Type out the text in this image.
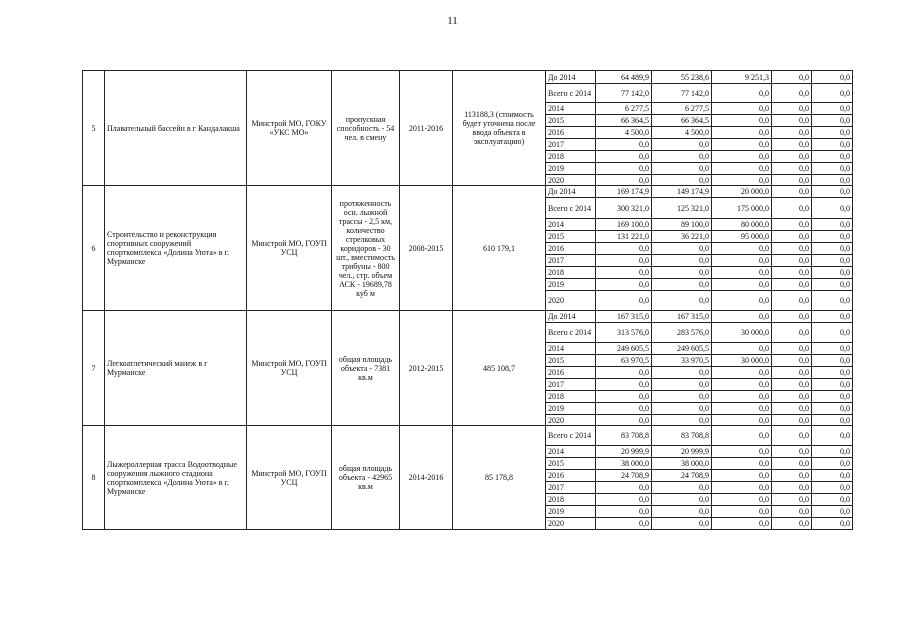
11
5	Плавательный бассейн в г Кандалакша	Минстрой МО, ГОКУ «УКС МО»	пропускная способность - 54 чел. в смену	2011-2016	113188,3 (стоимость будет уточнена после ввода объекта в эксплуатацию)	До 2014	64 489,9	55 238,6	9 251,3	0,0	0,0
						Всего с 2014	77 142,0	77 142,0	0,0	0,0	0,0
						2014	6 277,5	6 277,5	0,0	0,0	0,0
						2015	66 364,5	66 364,5	0,0	0,0	0,0
						2016	4 500,0	4 500,0	0,0	0,0	0,0
						2017	0,0	0,0	0,0	0,0	0,0
						2018	0,0	0,0	0,0	0,0	0,0
						2019	0,0	0,0	0,0	0,0	0,0
						2020	0,0	0,0	0,0	0,0	0,0
6	Строительство и реконструкция спортивных сооружений спорткомплекса «Долина Уюта» в г. Мурманске	Минстрой МО, ГОУП УСЦ	протяженность осн. лыжной трассы - 2,5 км, количество стрелковых коридоров - 30 шт., вместимость трибуны - 800 чел., стр. объем АСК - 19689,78 куб м	2008-2015	610 179,1	До 2014	169 174,9	149 174,9	20 000,0	0,0	0,0
						Всего с 2014	300 321,0	125 321,0	175 000,0	0,0	0,0
						2014	169 100,0	89 100,0	80 000,0	0,0	0,0
						2015	131 221,0	36 221,0	95 000,0	0,0	0,0
						2016	0,0	0,0	0,0	0,0	0,0
						2017	0,0	0,0	0,0	0,0	0,0
						2018	0,0	0,0	0,0	0,0	0,0
						2019	0,0	0,0	0,0	0,0	0,0
						2020	0,0	0,0	0,0	0,0	0,0
7	Легкоатлетический манеж в г Мурманске	Минстрой МО, ГОУП УСЦ	общая площадь объекта - 7381 кв.м	2012-2015	485 108,7	До 2014	167 315,0	167 315,0	0,0	0,0	0,0
						Всего с 2014	313 576,0	283 576,0	30 000,0	0,0	0,0
						2014	249 605,5	249 605,5	0,0	0,0	0,0
						2015	63 970,5	33 970,5	30 000,0	0,0	0,0
						2016	0,0	0,0	0,0	0,0	0,0
						2017	0,0	0,0	0,0	0,0	0,0
						2018	0,0	0,0	0,0	0,0	0,0
						2019	0,0	0,0	0,0	0,0	0,0
						2020	0,0	0,0	0,0	0,0	0,0
8	Лыжероллерная трасса Водоотводные сооружения лыжного стадиона спорткомплекса «Долина Уюта» в г. Мурманске	Минстрой МО, ГОУП УСЦ	общая площадь объекта - 42965 кв.м	2014-2016	85 178,8	Всего с 2014	83 708,8	83 708,8	0,0	0,0	0,0
						2014	20 999,9	20 999,9	0,0	0,0	0,0
						2015	38 000,0	38 000,0	0,0	0,0	0,0
						2016	24 708,9	24 708,9	0,0	0,0	0,0
						2017	0,0	0,0	0,0	0,0	0,0
						2018	0,0	0,0	0,0	0,0	0,0
						2019	0,0	0,0	0,0	0,0	0,0
						2020	0,0	0,0	0,0	0,0	0,0
